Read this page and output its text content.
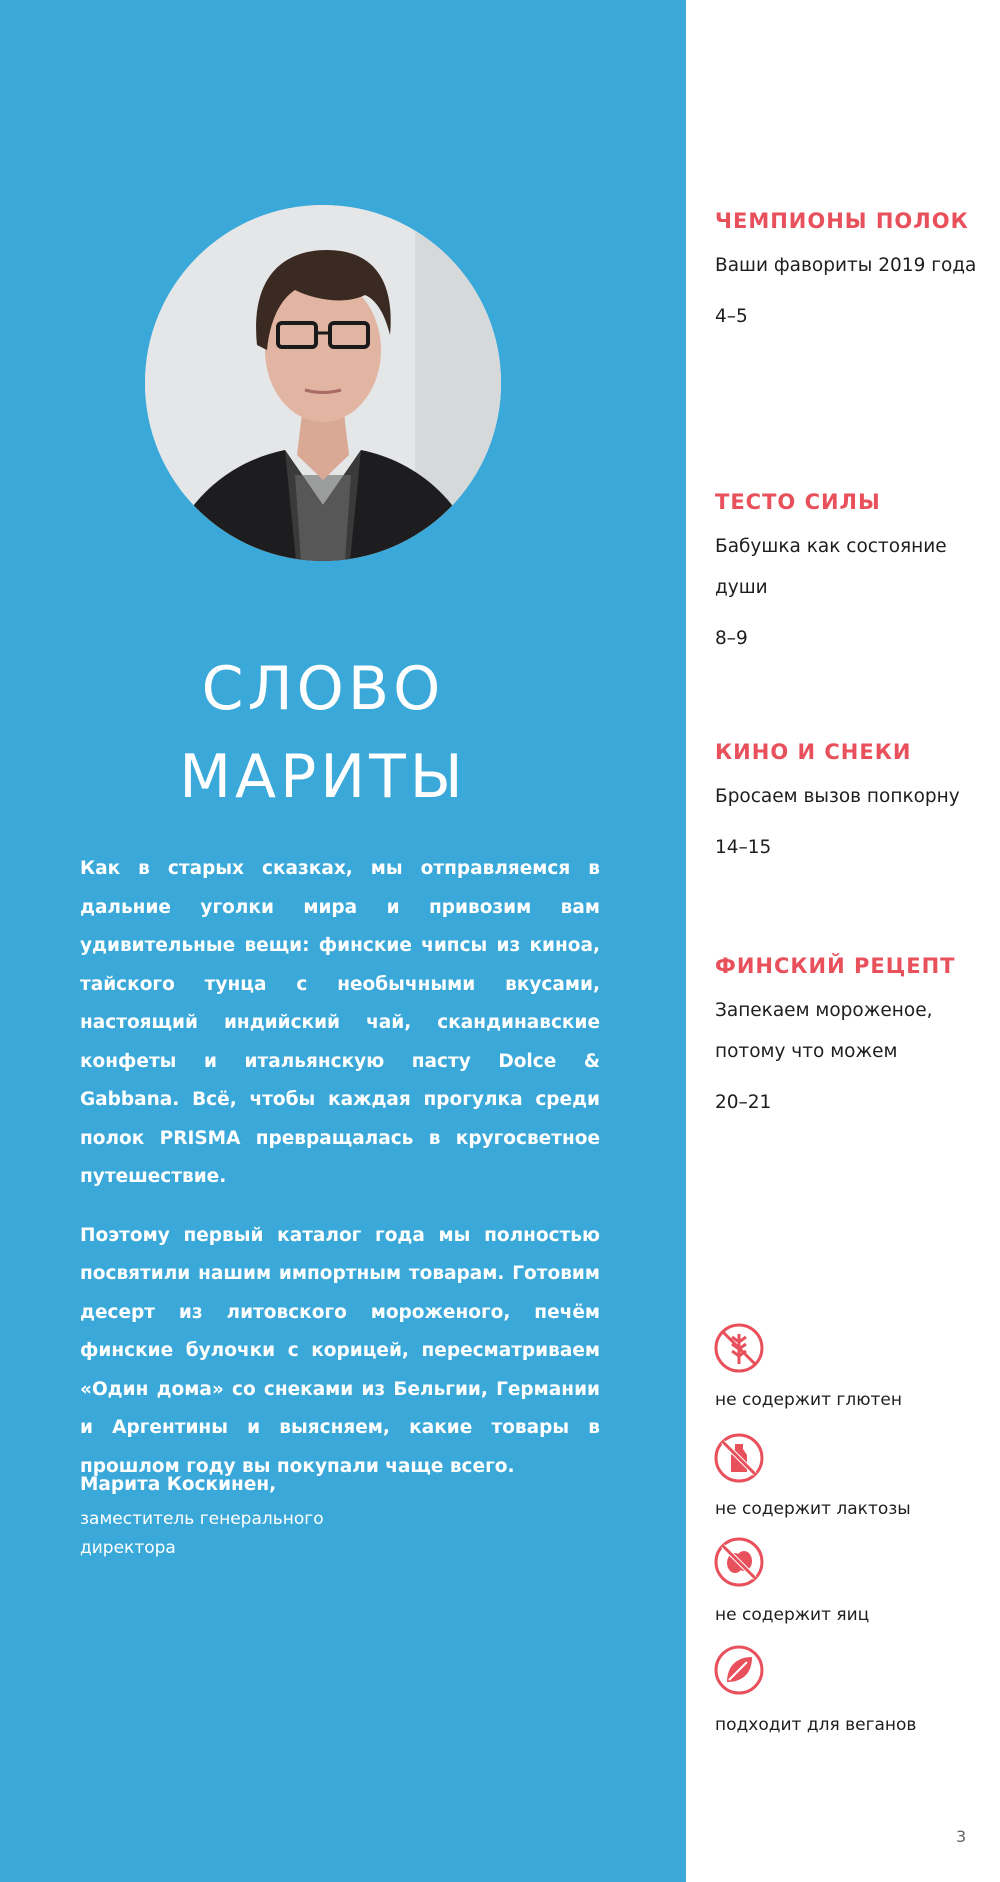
СЛОВО
МАРИТЫ

Как в старых сказках, мы отправляемся в дальние уголки мира и привозим вам удивительные вещи: финские чипсы из киноа, тайского тунца с необычными вкусами, настоящий индийский чай, скандинавские конфеты и итальянскую пасту Dolce & Gabbana. Всё, чтобы каждая прогулка среди полок PRISMA превращалась в кругосветное путешествие.

Поэтому первый каталог года мы полностью посвятили нашим импортным товарам. Готовим десерт из литовского мороженого, печём финские булочки с корицей, пересматриваем «Один дома» со снеками из Бельгии, Германии и Аргентины и выясняем, какие товары в прошлом году вы покупали чаще всего.

Марита Коскинен,
заместитель генерального директора
ЧЕМПИОНЫ ПОЛОК
Ваши фавориты 2019 года
4–5
ТЕСТО СИЛЫ
Бабушка как состояние души
8–9
КИНО И СНЕКИ
Бросаем вызов попкорну
14–15
ФИНСКИЙ РЕЦЕПТ
Запекаем мороженое, потому что можем
20–21
не содержит глютен
не содержит лактозы
не содержит яиц
подходит для веганов
3
